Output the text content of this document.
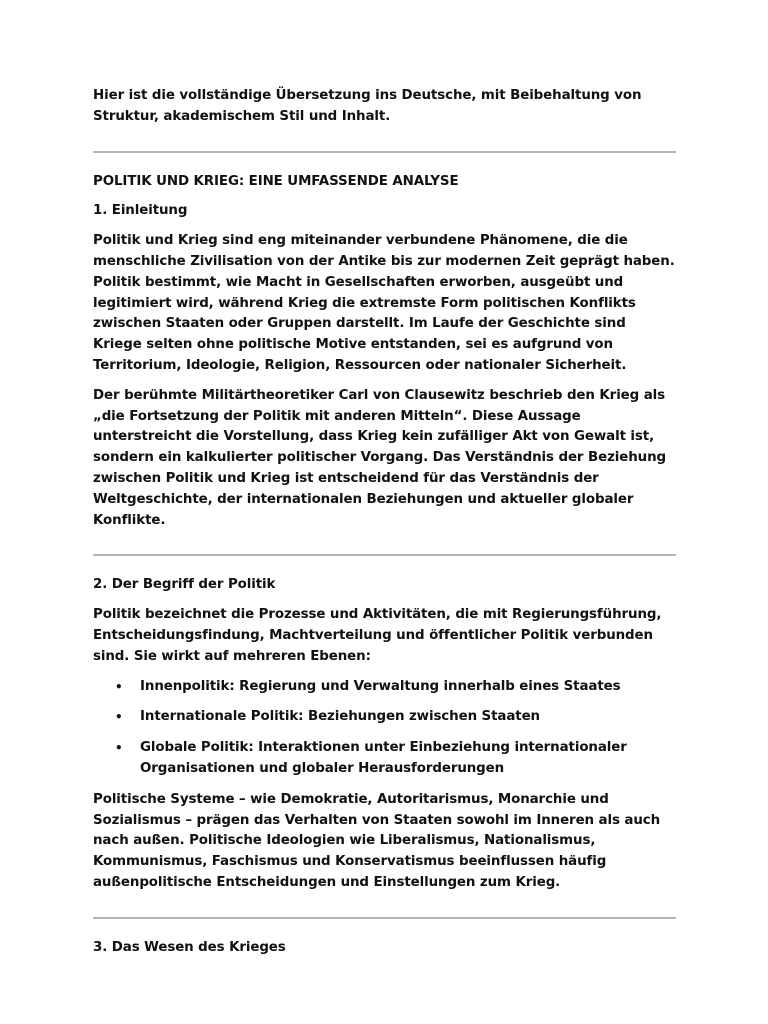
Hier ist die vollständige Übersetzung ins Deutsche, mit Beibehaltung von Struktur, akademischem Stil und Inhalt.

POLITIK UND KRIEG: EINE UMFASSENDE ANALYSE

1. Einleitung

Politik und Krieg sind eng miteinander verbundene Phänomene, die die menschliche Zivilisation von der Antike bis zur modernen Zeit geprägt haben. Politik bestimmt, wie Macht in Gesellschaften erworben, ausgeübt und legitimiert wird, während Krieg die extremste Form politischen Konflikts zwischen Staaten oder Gruppen darstellt. Im Laufe der Geschichte sind Kriege selten ohne politische Motive entstanden, sei es aufgrund von Territorium, Ideologie, Religion, Ressourcen oder nationaler Sicherheit.

Der berühmte Militärtheoretiker Carl von Clausewitz beschrieb den Krieg als „die Fortsetzung der Politik mit anderen Mitteln“. Diese Aussage unterstreicht die Vorstellung, dass Krieg kein zufälliger Akt von Gewalt ist, sondern ein kalkulierter politischer Vorgang. Das Verständnis der Beziehung zwischen Politik und Krieg ist entscheidend für das Verständnis der Weltgeschichte, der internationalen Beziehungen und aktueller globaler Konflikte.

2. Der Begriff der Politik

Politik bezeichnet die Prozesse und Aktivitäten, die mit Regierungsführung, Entscheidungsfindung, Machtverteilung und öffentlicher Politik verbunden sind. Sie wirkt auf mehreren Ebenen:

• Innenpolitik: Regierung und Verwaltung innerhalb eines Staates
• Internationale Politik: Beziehungen zwischen Staaten
• Globale Politik: Interaktionen unter Einbeziehung internationaler Organisationen und globaler Herausforderungen

Politische Systeme – wie Demokratie, Autoritarismus, Monarchie und Sozialismus – prägen das Verhalten von Staaten sowohl im Inneren als auch nach außen. Politische Ideologien wie Liberalismus, Nationalismus, Kommunismus, Faschismus und Konservatismus beeinflussen häufig außenpolitische Entscheidungen und Einstellungen zum Krieg.

3. Das Wesen des Krieges
